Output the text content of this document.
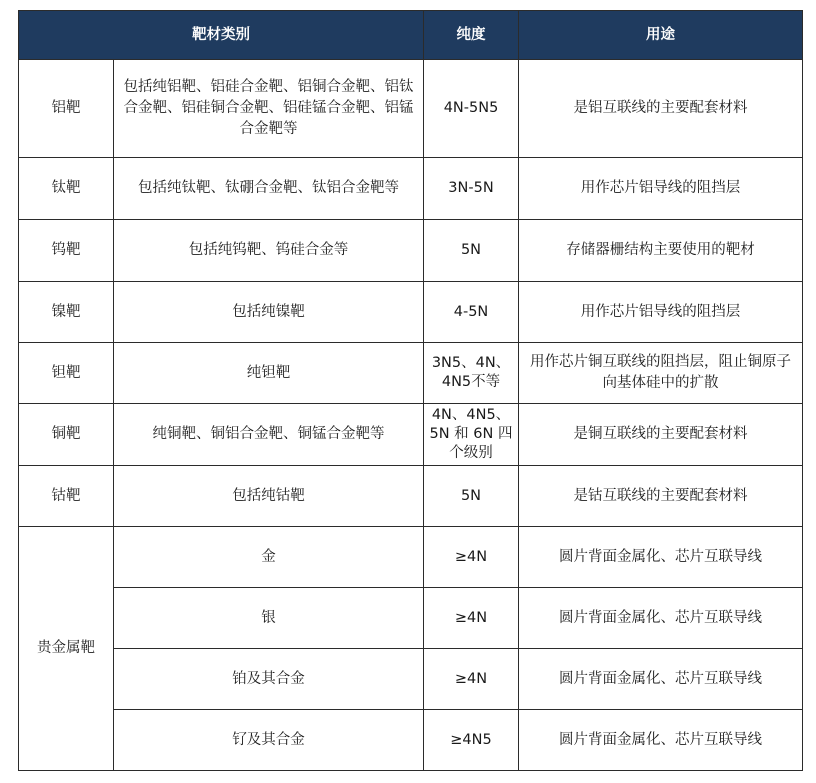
靶材类别		纯度	用途
铝靶	包括纯铝靶、铝硅合金靶、铝铜合金靶、铝钛合金靶、铝硅铜合金靶、铝硅锰合金靶、铝锰合金靶等	4N-5N5	是铝互联线的主要配套材料
钛靶	包括纯钛靶、钛硼合金靶、钛铝合金靶等	3N-5N	用作芯片铝导线的阻挡层
钨靶	包括纯钨靶、钨硅合金等	5N	存储器栅结构主要使用的靶材
镍靶	包括纯镍靶	4-5N	用作芯片铝导线的阻挡层
钽靶	纯钽靶	3N5、4N、4N5不等	用作芯片铜互联线的阻挡层，阻止铜原子向基体硅中的扩散
铜靶	纯铜靶、铜铝合金靶、铜锰合金靶等	4N、4N5、5N 和 6N 四个级别	是铜互联线的主要配套材料
钴靶	包括纯钴靶	5N	是钴互联线的主要配套材料
贵金属靶	金	≥4N	圆片背面金属化、芯片互联导线
	银	≥4N	圆片背面金属化、芯片互联导线
	铂及其合金	≥4N	圆片背面金属化、芯片互联导线
	钌及其合金	≥4N5	圆片背面金属化、芯片互联导线
